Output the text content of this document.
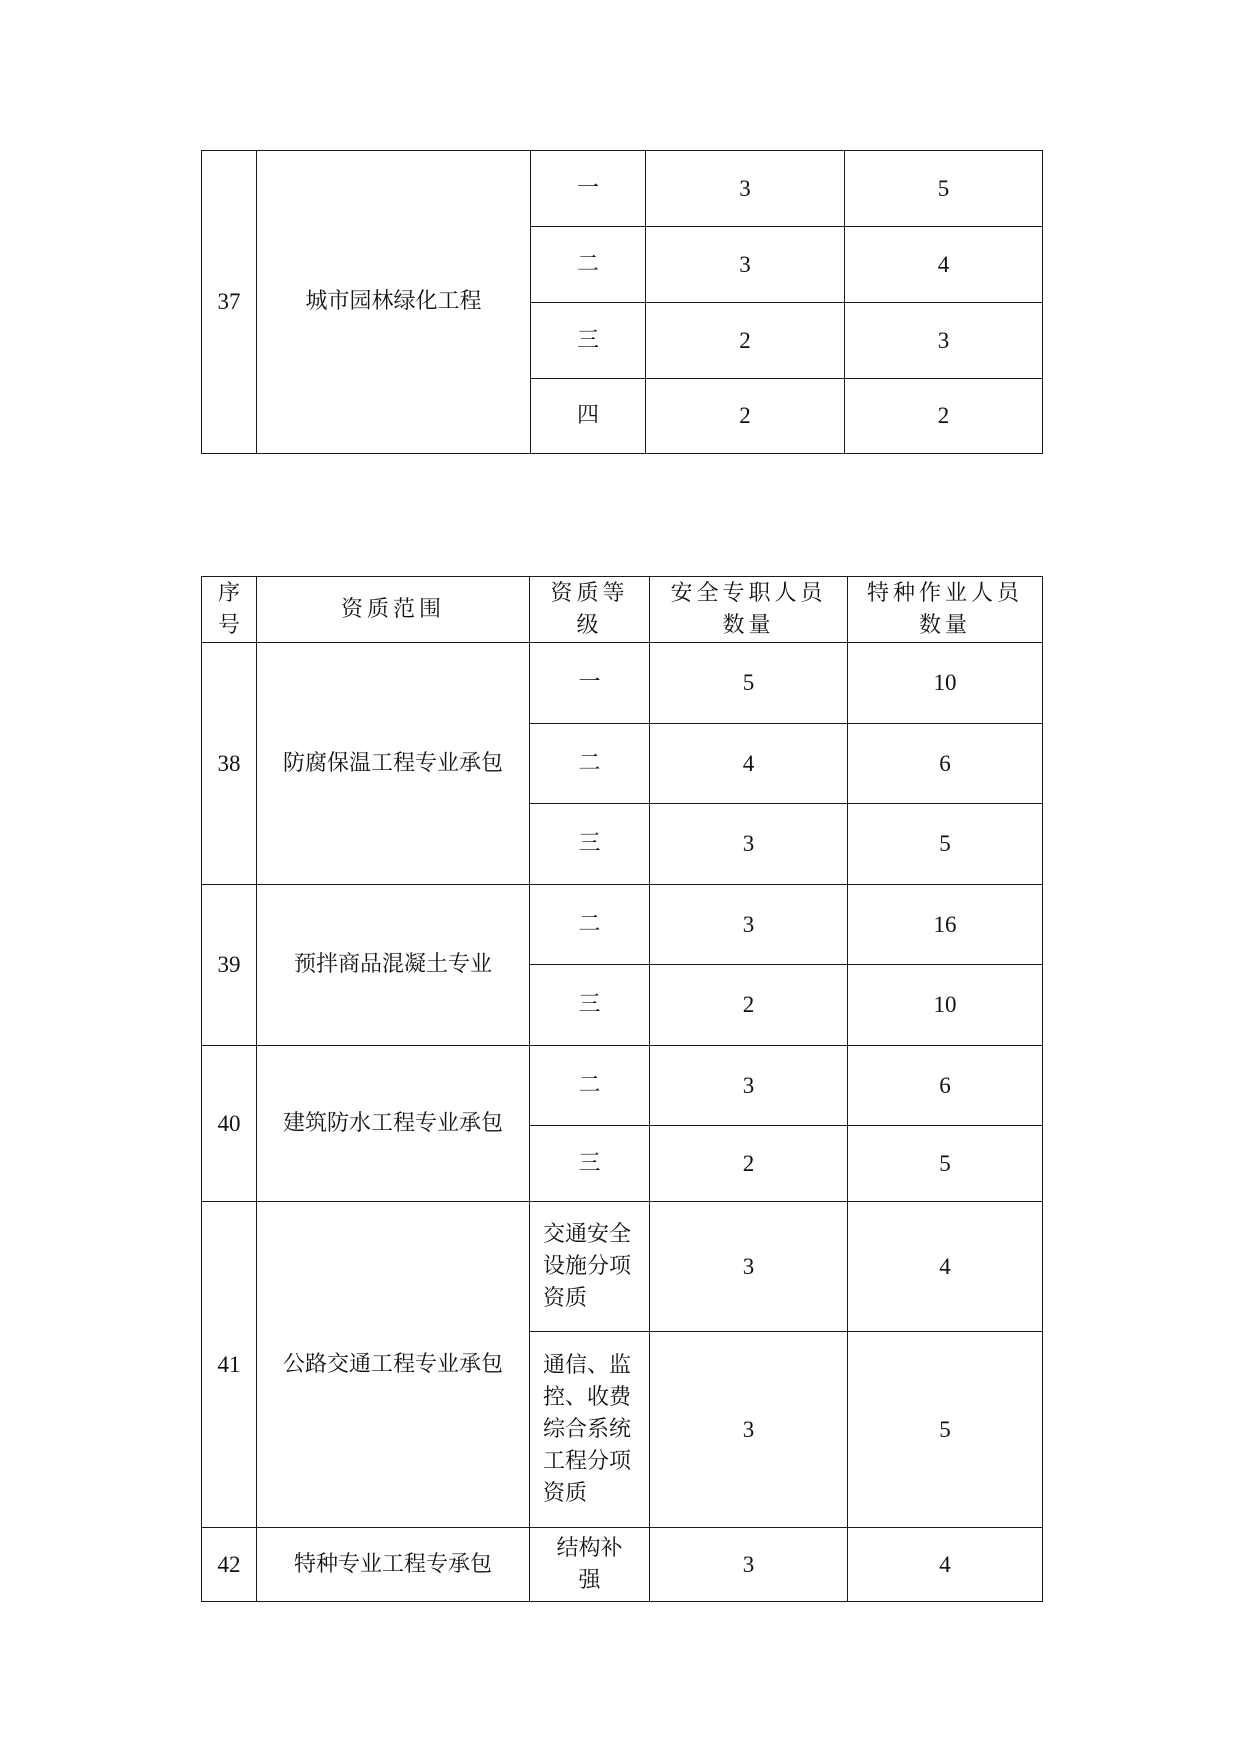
37	城市园林绿化工程	一	3	5
		二	3	4
		三	2	3
		四	2	2
序号	资质范围	资质等级	安全专职人员数量	特种作业人员数量

38	防腐保温工程专业承包	一	5	10
		二	4	6
		三	3	5
39	预拌商品混凝土专业	二	3	16
		三	2	10
40	建筑防水工程专业承包	二	3	6
		三	2	5
41	公路交通工程专业承包	交通安全设施分项资质	3	4
		通信、监控、收费综合系统工程分项资质	3	5
42	特种专业工程专承包	结构补强	3	4
